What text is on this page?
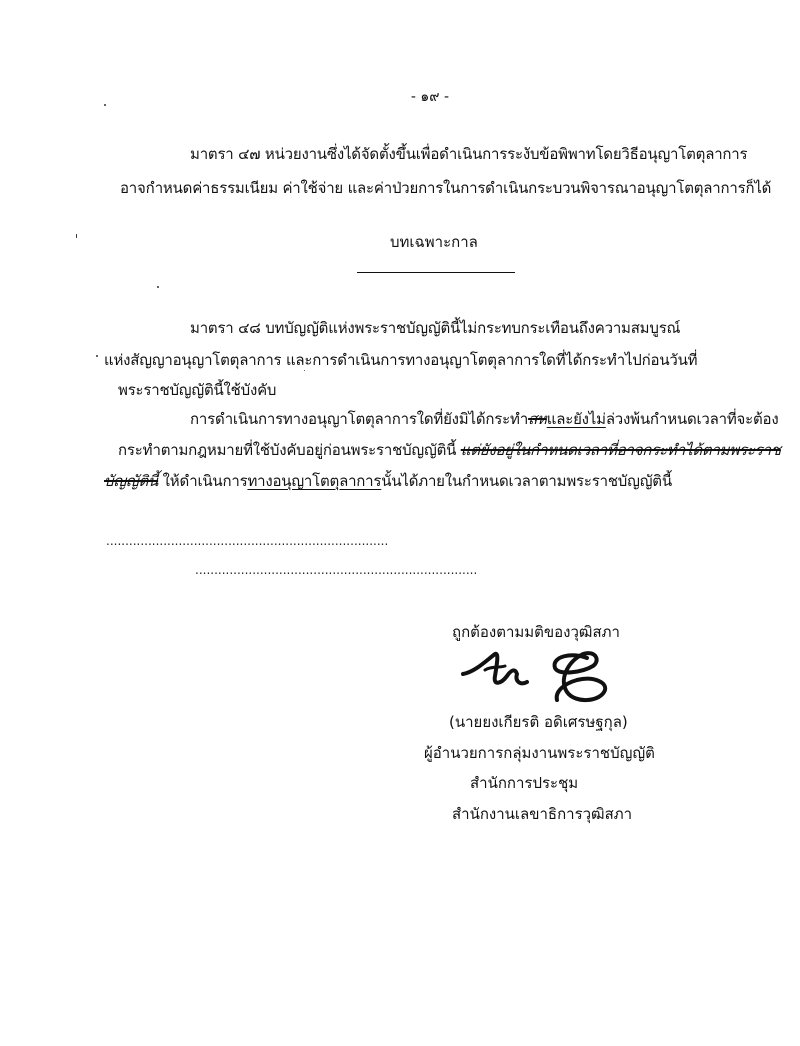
- ๑๙ -
มาตรา ๔๗ หน่วยงานซึ่งได้จัดตั้งขึ้นเพื่อดำเนินการระงับข้อพิพาทโดยวิธีอนุญาโตตุลาการ
อาจกำหนดค่าธรรมเนียม ค่าใช้จ่าย และค่าป่วยการในการดำเนินกระบวนพิจารณาอนุญาโตตุลาการก็ได้
บทเฉพาะกาล
มาตรา ๔๘ บทบัญญัติแห่งพระราชบัญญัตินี้ไม่กระทบกระเทือนถึงความสมบูรณ์
แห่งสัญญาอนุญาโตตุลาการ และการดำเนินการทางอนุญาโตตุลาการใดที่ได้กระทำไปก่อนวันที่
พระราชบัญญัตินี้ใช้บังคับ
การดำเนินการทางอนุญาโตตุลาการใดที่ยังมิได้กระทำสหและยังไม่ล่วงพ้นกำหนดเวลาที่จะต้อง
กระทำตามกฎหมายที่ใช้บังคับอยู่ก่อนพระราชบัญญัตินี้ แต่ยังอยู่ในกำหนดเวลาที่อาจกระทำได้ตามพระราช
บัญญัตินี้ ให้ดำเนินการทางอนุญาโตตุลาการนั้นได้ภายในกำหนดเวลาตามพระราชบัญญัตินี้
..........................................................................
..........................................................................
ถูกต้องตามมติของวุฒิสภา
(นายยงเกียรติ อดิเศรษฐกุล)
ผู้อำนวยการกลุ่มงานพระราชบัญญัติ
สำนักการประชุม
สำนักงานเลขาธิการวุฒิสภา
